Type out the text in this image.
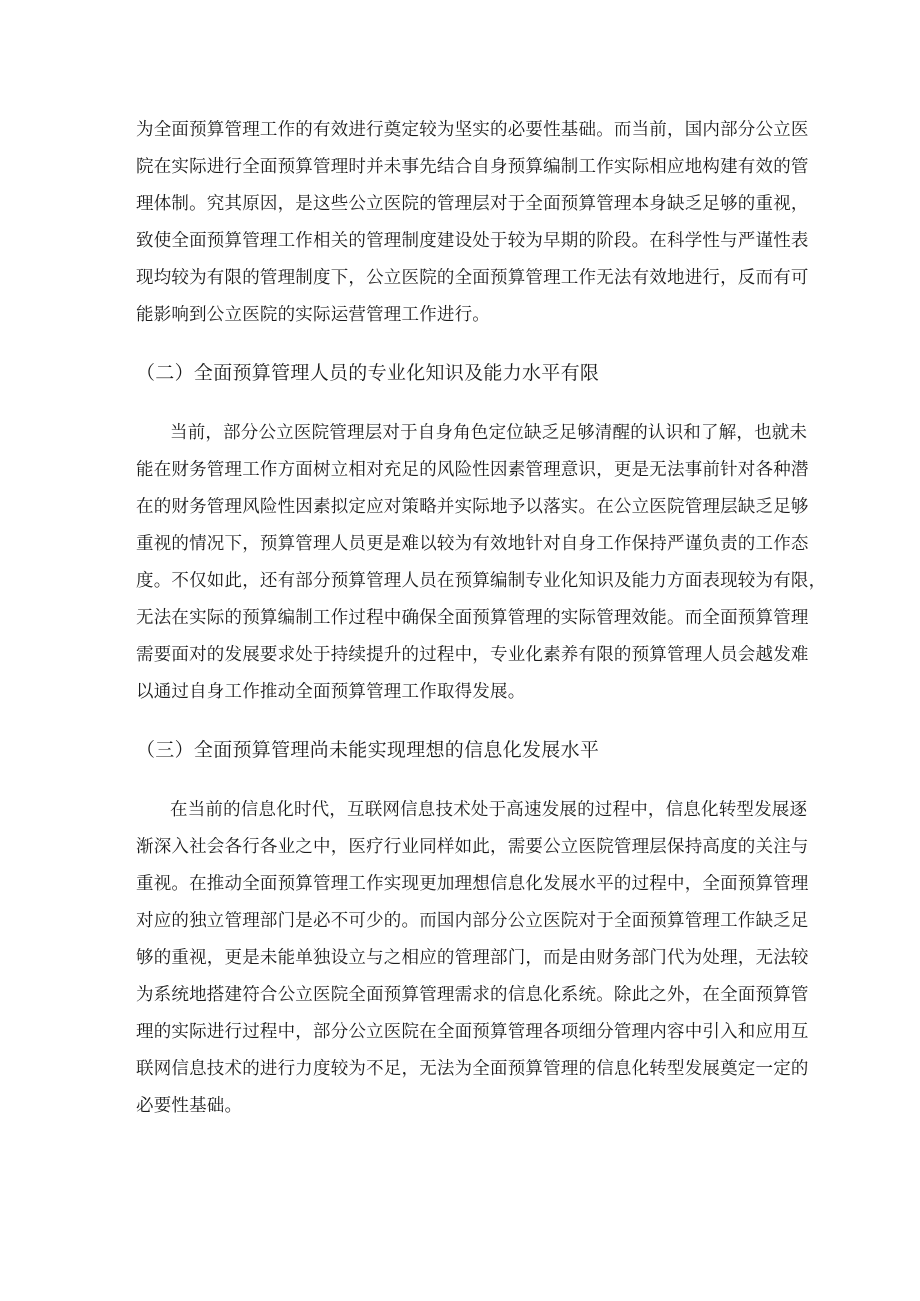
为全面预算管理工作的有效进行奠定较为坚实的必要性基础。而当前，国内部分公立医
院在实际进行全面预算管理时并未事先结合自身预算编制工作实际相应地构建有效的管
理体制。究其原因，是这些公立医院的管理层对于全面预算管理本身缺乏足够的重视，
致使全面预算管理工作相关的管理制度建设处于较为早期的阶段。在科学性与严谨性表
现均较为有限的管理制度下，公立医院的全面预算管理工作无法有效地进行，反而有可
能影响到公立医院的实际运营管理工作进行。
（二）全面预算管理人员的专业化知识及能力水平有限
当前，部分公立医院管理层对于自身角色定位缺乏足够清醒的认识和了解，也就未
能在财务管理工作方面树立相对充足的风险性因素管理意识，更是无法事前针对各种潜
在的财务管理风险性因素拟定应对策略并实际地予以落实。在公立医院管理层缺乏足够
重视的情况下，预算管理人员更是难以较为有效地针对自身工作保持严谨负责的工作态
度。不仅如此，还有部分预算管理人员在预算编制专业化知识及能力方面表现较为有限，
无法在实际的预算编制工作过程中确保全面预算管理的实际管理效能。而全面预算管理
需要面对的发展要求处于持续提升的过程中，专业化素养有限的预算管理人员会越发难
以通过自身工作推动全面预算管理工作取得发展。
（三）全面预算管理尚未能实现理想的信息化发展水平
在当前的信息化时代，互联网信息技术处于高速发展的过程中，信息化转型发展逐
渐深入社会各行各业之中，医疗行业同样如此，需要公立医院管理层保持高度的关注与
重视。在推动全面预算管理工作实现更加理想信息化发展水平的过程中，全面预算管理
对应的独立管理部门是必不可少的。而国内部分公立医院对于全面预算管理工作缺乏足
够的重视，更是未能单独设立与之相应的管理部门，而是由财务部门代为处理，无法较
为系统地搭建符合公立医院全面预算管理需求的信息化系统。除此之外，在全面预算管
理的实际进行过程中，部分公立医院在全面预算管理各项细分管理内容中引入和应用互
联网信息技术的进行力度较为不足，无法为全面预算管理的信息化转型发展奠定一定的
必要性基础。
